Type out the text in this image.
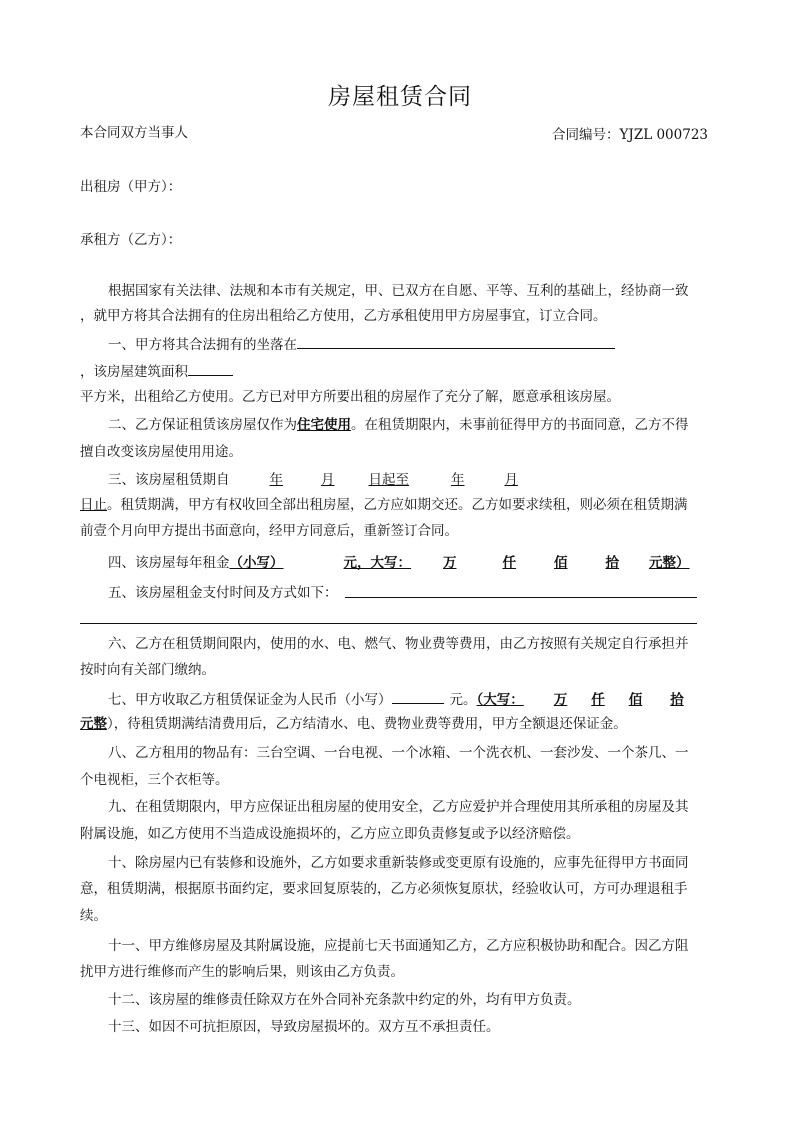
房屋租赁合同
本合同双方当事人	合同编号：YJZL 000723
出租房（甲方）：
承租方（乙方）：
根据国家有关法律、法规和本市有关规定，甲、已双方在自愿、平等、互利的基础上，经协商一致
，就甲方将其合法拥有的住房出租给乙方使用，乙方承租使用甲方房屋事宜，订立合同。
一、甲方将其合法拥有的坐落在
，该房屋建筑面积
平方米，出租给乙方使用。乙方已对甲方所要出租的房屋作了充分了解，愿意承租该房屋。
二、乙方保证租赁该房屋仅作为住宅使用。在租赁期限内，未事前征得甲方的书面同意，乙方不得
擅自改变该房屋使用用途。
三、该房屋租赁期自	年	月	日起至	年	月
日止。租赁期满，甲方有权收回全部出租房屋，乙方应如期交还。乙方如要求续租，则必须在租赁期满
前壹个月向甲方提出书面意向，经甲方同意后，重新签订合同。
四、该房屋每年租金（小写）	元，大写： 万	仟	佰	拾 元整）
五、该房屋租金支付时间及方式如下：
六、乙方在租赁期间限内，使用的水、电、燃气、物业费等费用，由乙方按照有关规定自行承担并
按时向有关部门缴纳。
七、甲方收取乙方租赁保证金为人民币（小写）	元。（大写： 万 仟 佰 拾
元整），待租赁期满结清费用后，乙方结清水、电、费物业费等费用，甲方全额退还保证金。
八、乙方租用的物品有：三台空调、一台电视、一个冰箱、一个洗衣机、一套沙发、一个茶几、一
个电视柜，三个衣柜等。
九、在租赁期限内，甲方应保证出租房屋的使用安全，乙方应爱护并合理使用其所承租的房屋及其
附属设施，如乙方使用不当造成设施损坏的，乙方应立即负责修复或予以经济赔偿。
十、除房屋内已有装修和设施外，乙方如要求重新装修或变更原有设施的，应事先征得甲方书面同
意，租赁期满，根据原书面约定，要求回复原装的，乙方必须恢复原状，经验收认可，方可办理退租手
续。
十一、甲方维修房屋及其附属设施，应提前七天书面通知乙方，乙方应积极协助和配合。因乙方阻
扰甲方进行维修而产生的影响后果，则该由乙方负责。
十二、该房屋的维修责任除双方在外合同补充条款中约定的外，均有甲方负责。
十三、如因不可抗拒原因，导致房屋损坏的。双方互不承担责任。
